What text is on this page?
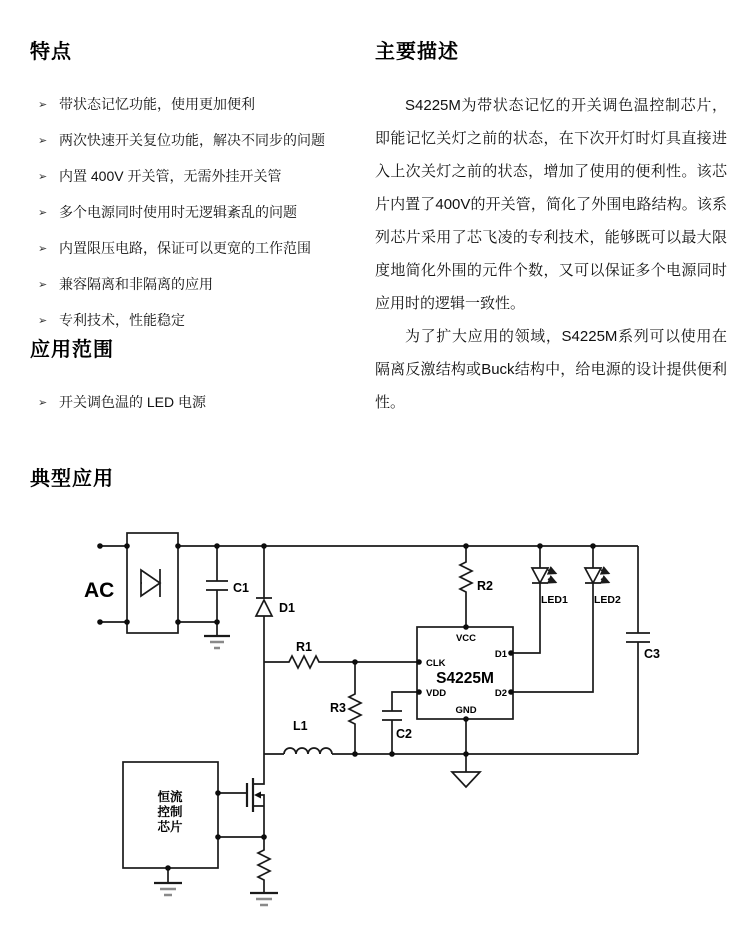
特点
➢ 带状态记忆功能，使用更加便利
➢ 两次快速开关复位功能，解决不同步的问题
➢ 内置 400V 开关管，无需外挂开关管
➢ 多个电源同时使用时无逻辑紊乱的问题
➢ 内置限压电路，保证可以更宽的工作范围
➢ 兼容隔离和非隔离的应用
➢ 专利技术，性能稳定
应用范围
➢ 开关调色温的 LED 电源
主要描述

S4225M为带状态记忆的开关调色温控制芯片，即能记忆关灯之前的状态，在下次开灯时灯具直接进入上次关灯之前的状态，增加了使用的便利性。该芯片内置了400V的开关管，简化了外围电路结构。该系列芯片采用了芯飞凌的专利技术，能够既可以最大限度地简化外围的元件个数，又可以保证多个电源同时应用时的逻辑一致性。

为了扩大应用的领域，S4225M系列可以使用在隔离反激结构或Buck结构中，给电源的设计提供便利性。

典型应用
AC	C1
D1
R1
R3
L1
C2
R2
LED1 LED2
C3
S4225M
VCC
CLK
VDD
GND
D1
D2
恒流
控制
芯片
